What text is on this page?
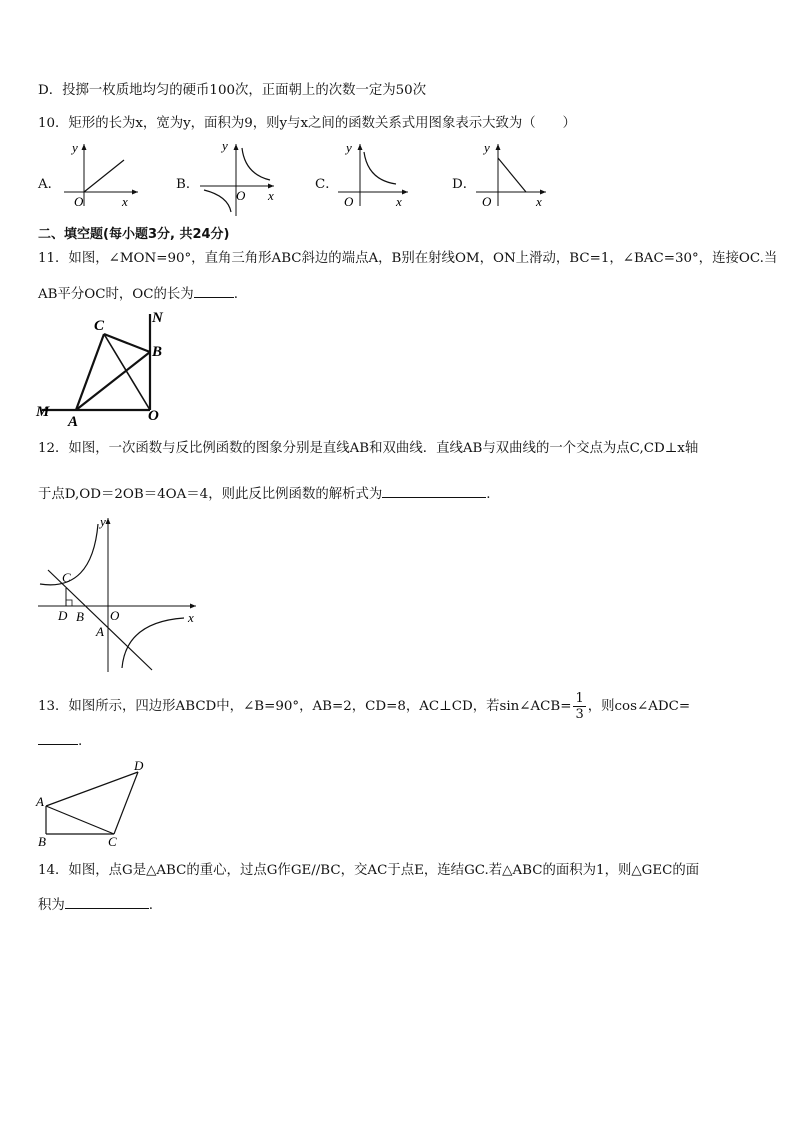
D．投掷一枚质地均匀的硬币100次，正面朝上的次数一定为50次
10．矩形的长为x，宽为y，面积为9，则y与x之间的函数关系式用图象表示大致为（　　）
A．
y
x
O
B．
y
x
O
C．
y
x
O
D．
y
x
O
二、填空题(每小题3分, 共24分)
11．如图，∠MON=90°，直角三角形ABC斜边的端点A，B别在射线OM，ON上滑动，BC=1，∠BAC=30°，连接OC.当
AB平分OC时，OC的长为	.
C	N
B
M
A	O
12．如图，一次函数与反比例函数的图象分别是直线AB和双曲线．直线AB与双曲线的一个交点为点C,CD⊥x轴
于点D,OD＝2OB＝4OA＝4，则此反比例函数的解析式为	.
y
x
C
D B O
A
13．如图所示，四边形ABCD中，∠B=90°，AB=2，CD=8，AC⊥CD，若sin∠ACB= $\frac{1}{3}$ ，则cos∠ADC=
.
D
A
B	C
14．如图，点G是△ABC的重心，过点G作GE//BC，交AC于点E，连结GC.若△ABC的面积为1，则△GEC的面
积为	.
